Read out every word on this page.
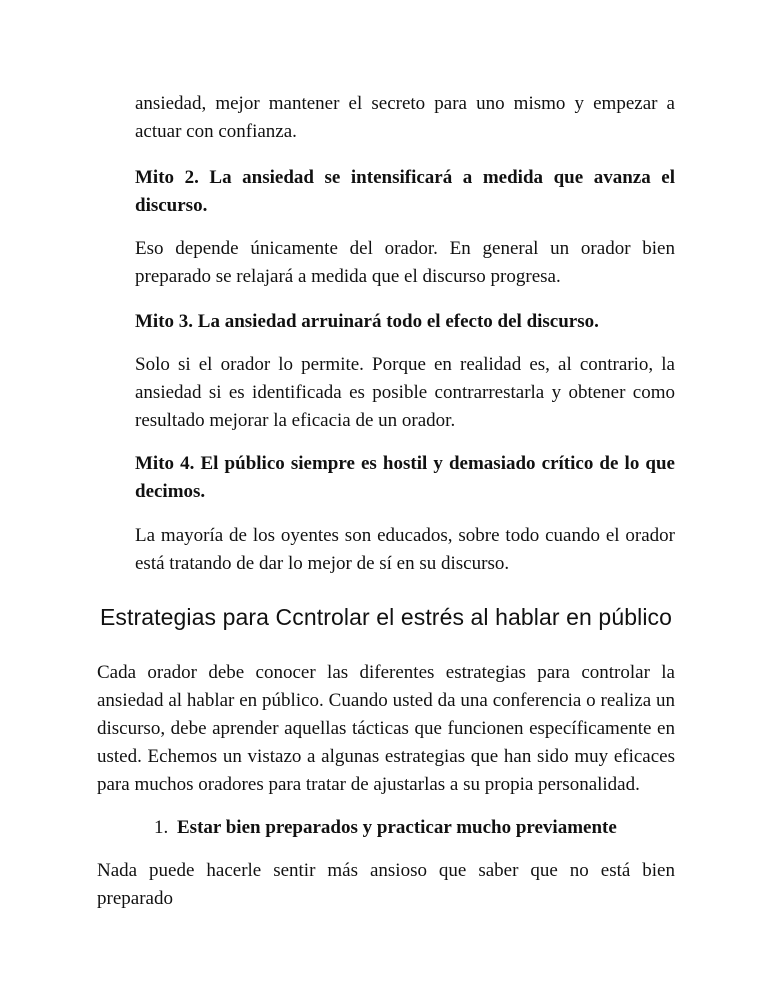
ansiedad, mejor mantener el secreto para uno mismo y empezar a actuar con confianza.

Mito 2. La ansiedad se intensificará a medida que avanza el discurso.

Eso depende únicamente del orador. En general un orador bien preparado se relajará a medida que el discurso progresa.

Mito 3. La ansiedad arruinará todo el efecto del discurso.

Solo si el orador lo permite. Porque en realidad es, al contrario, la ansiedad si es identificada es posible contrarrestarla y obtener como resultado mejorar la eficacia de un orador.

Mito 4. El público siempre es hostil y demasiado crítico de lo que decimos.

La mayoría de los oyentes son educados, sobre todo cuando el orador está tratando de dar lo mejor de sí en su discurso.

Estrategias para Ccntrolar el estrés al hablar en público

Cada orador debe conocer las diferentes estrategias para controlar la ansiedad al hablar en público. Cuando usted da una conferencia o realiza un discurso, debe aprender aquellas tácticas que funcionen específicamente en usted. Echemos un vistazo a algunas estrategias que han sido muy eficaces para muchos oradores para tratar de ajustarlas a su propia personalidad.

1. Estar bien preparados y practicar mucho previamente

Nada puede hacerle sentir más ansioso que saber que no está bien preparado
